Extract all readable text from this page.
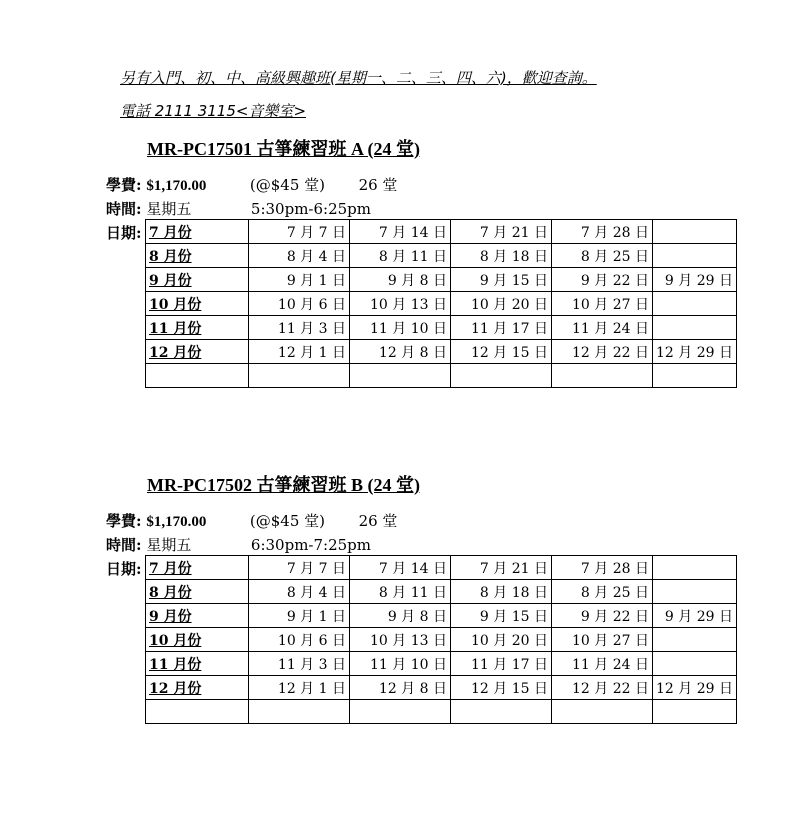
另有入門、初、中、高級興趣班(星期一、二、三、四、六)，歡迎查詢。
電話 2111 3115<音樂室>
MR-PC17501 古箏練習班 A (24 堂)
學費: $1,170.00	(@$45 堂) 26 堂
時間: 星期五	5:30pm-6:25pm
日期: 7 月份	7 月 7 日	7 月 14 日	7 月 21 日	7 月 28 日	
8 月份	8 月 4 日	8 月 11 日	8 月 18 日	8 月 25 日	
9 月份	9 月 1 日	9 月 8 日	9 月 15 日	9 月 22 日	9 月 29 日
10 月份	10 月 6 日	10 月 13 日	10 月 20 日	10 月 27 日	
11 月份	11 月 3 日	11 月 10 日	11 月 17 日	11 月 24 日	
12 月份	12 月 1 日	12 月 8 日	12 月 15 日	12 月 22 日	12 月 29 日

MR-PC17502 古箏練習班 B (24 堂)
學費: $1,170.00	(@$45 堂) 26 堂
時間: 星期五	6:30pm-7:25pm
日期: 7 月份	7 月 7 日	7 月 14 日	7 月 21 日	7 月 28 日	
8 月份	8 月 4 日	8 月 11 日	8 月 18 日	8 月 25 日	
9 月份	9 月 1 日	9 月 8 日	9 月 15 日	9 月 22 日	9 月 29 日
10 月份	10 月 6 日	10 月 13 日	10 月 20 日	10 月 27 日	
11 月份	11 月 3 日	11 月 10 日	11 月 17 日	11 月 24 日	
12 月份	12 月 1 日	12 月 8 日	12 月 15 日	12 月 22 日	12 月 29 日
